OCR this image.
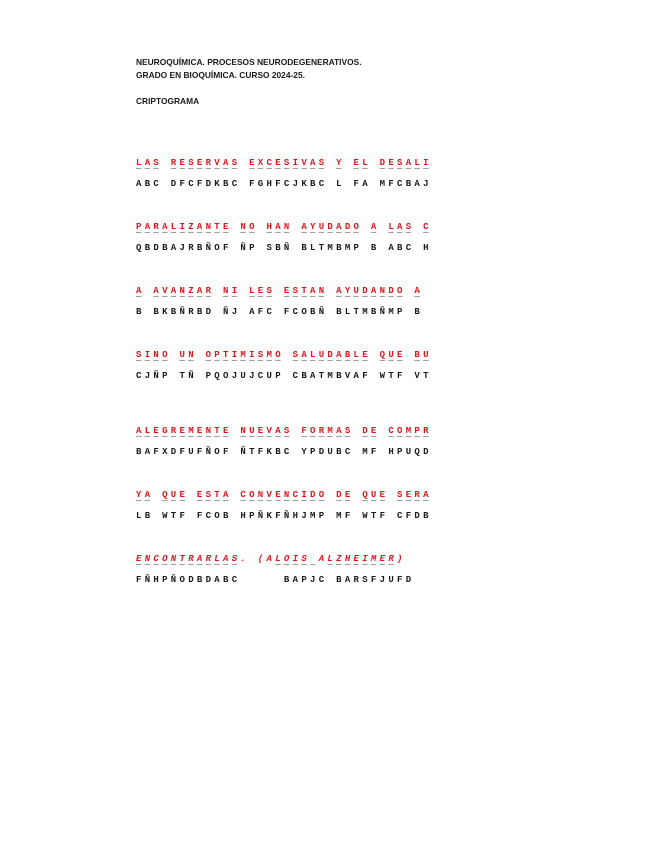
NEUROQUÍMICA. PROCESOS NEURODEGENERATIVOS.
GRADO EN BIOQUÍMICA. CURSO 2024-25.
CRIPTOGRAMA
LAS RESERVAS EXCESIVAS Y EL DESALI
‾‾‾ ‾‾‾‾‾‾‾‾ ‾‾‾‾‾‾‾‾‾ ‾ ‾‾ ‾‾‾‾‾‾
ABC DFCFDKBC FGHFCJKBC L FA MFCBAJ
PARALIZANTE NO HAN AYUDADO A LAS C
‾‾‾‾‾‾‾‾‾‾‾ ‾‾ ‾‾‾ ‾‾‾‾‾‾‾ ‾ ‾‾‾ ‾
QBDBAJRBÑOF ÑP SBÑ BLTMBMP B ABC H
A AVANZAR NI LES ESTAN AYUDANDO A
‾ ‾‾‾‾‾‾‾ ‾‾ ‾‾‾ ‾‾‾‾‾ ‾‾‾‾‾‾‾‾ ‾
B BKBÑRBD ÑJ AFC FCOBÑ BLTMBÑMP B
SINO UN OPTIMISMO SALUDABLE QUE BU
‾‾‾‾ ‾‾ ‾‾‾‾‾‾‾‾‾ ‾‾‾‾‾‾‾‾‾ ‾‾‾ ‾‾
CJÑP TÑ PQOJUJCUP CBATMBVAF WTF VT
ALEGREMENTE NUEVAS FORMAS DE COMPR
‾‾‾‾‾‾‾‾‾‾‾ ‾‾‾‾‾‾ ‾‾‾‾‾‾ ‾‾ ‾‾‾‾‾
BAFXDFUFÑOF ÑTFKBC YPDUBC MF HPUQD
YA QUE ESTA CONVENCIDO DE QUE SERA
‾‾ ‾‾‾ ‾‾‾‾ ‾‾‾‾‾‾‾‾‾‾ ‾‾ ‾‾‾ ‾‾‾‾
LB WTF FCOB HPÑKFÑHJMP MF WTF CFDB
ENCONTRARLAS. (ALOIS ALZHEIMER)
‾‾‾‾‾‾‾‾‾‾‾‾    ‾‾‾‾‾ ‾‾‾‾‾‾‾‾
FÑHPÑODBDABC     BAPJC BARSFJUFD
